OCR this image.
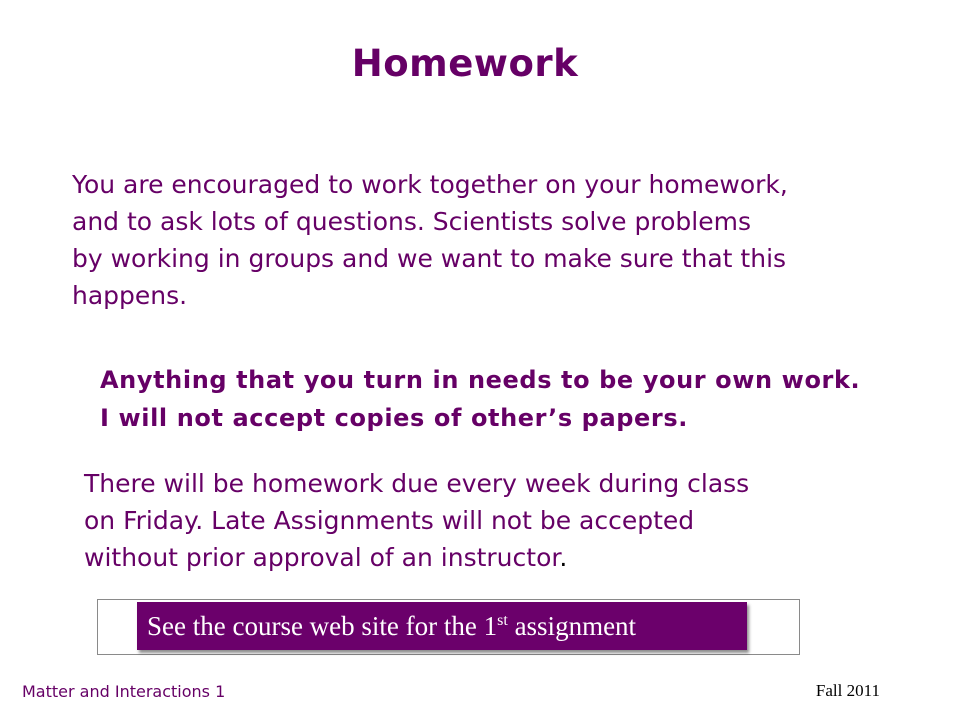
Homework
You are encouraged to work together on your homework,
and to ask lots of questions. Scientists solve problems
by working in groups and we want to make sure that this
happens.
Anything that you turn in needs to be your own work.
I will not accept copies of other’s papers.
There will be homework due every week during class
on Friday. Late Assignments will not be accepted
without prior approval of an instructor.
See the course web site for the 1st assignment
Matter and Interactions 1	Fall 2011
